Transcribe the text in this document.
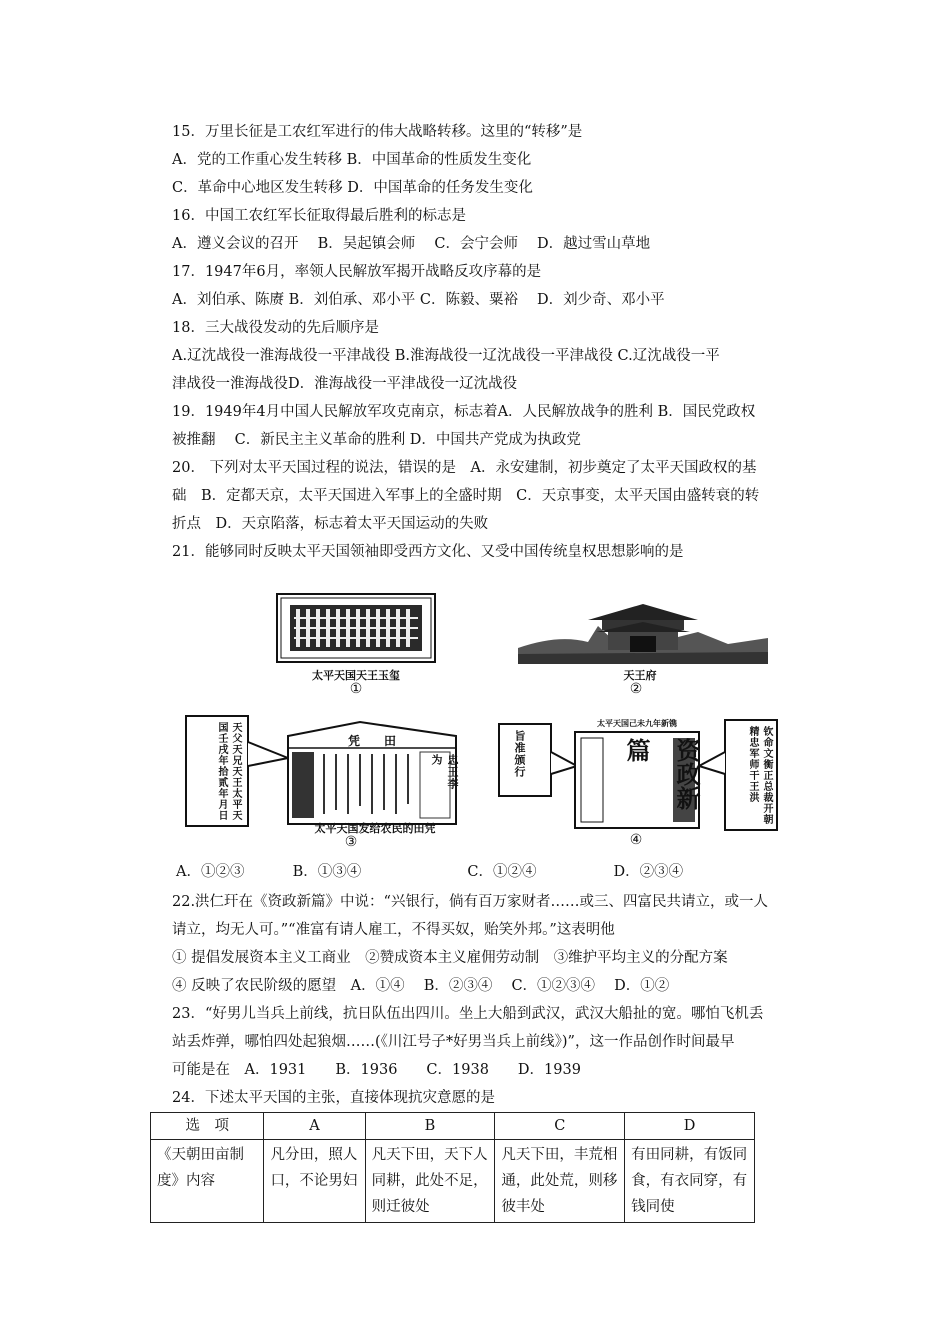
15．万里长征是工农红军进行的伟大战略转移。这里的“转移”是
A．党的工作重心发生转移 B．中国革命的性质发生变化
C．革命中心地区发生转移 D．中国革命的任务发生变化
16．中国工农红军长征取得最后胜利的标志是
A．遵义会议的召开　 B．吴起镇会师　 C．会宁会师　 D．越过雪山草地
17．1947年6月，率领人民解放军揭开战略反攻序幕的是
A．刘伯承、陈赓 B．刘伯承、邓小平 C．陈毅、粟裕　 D．刘少奇、邓小平
18．三大战役发动的先后顺序是
A.辽沈战役一淮海战役一平津战役 B.淮海战役一辽沈战役一平津战役 C.辽沈战役一平
津战役一淮海战役D．淮海战役一平津战役一辽沈战役
19．1949年4月中国人民解放军攻克南京，标志着A．人民解放战争的胜利 B．国民党政权
被推翻　 C．新民主主义革命的胜利 D．中国共产党成为执政党
20． 下列对太平天国过程的说法，错误的是　A．永安建制，初步奠定了太平天国政权的基
础　B．定都天京，太平天国进入军事上的全盛时期　C．天京事变，太平天国由盛转衰的转
折点　D．天京陷落，标志着太平天国运动的失败
21．能够同时反映太平天国领袖即受西方文化、又受中国传统皇权思想影响的是
太平天国天王玉玺
①
天王府
②
天父天兄天王太平天国壬戌年拾贰年月日	凭　　田
忠王李　　为
太平天国发给农民的田凭
③
旨准颁行
太平天国己未九年新镌
资政新篇	钦命文衡正总裁开朝精忠军师干王洪
④
A．①②③　　　 B．①③④　　　　　　　 C．①②④　　　　　 D．②③④
22.洪仁玕在《资政新篇》中说：“兴银行，倘有百万家财者……或三、四富民共请立，或一人
请立，均无人可。”“准富有请人雇工，不得买奴，贻笑外邦。”这表明他
① 提倡发展资本主义工商业　②赞成资本主义雇佣劳动制　③维护平均主义的分配方案
④ 反映了农民阶级的愿望　A．①④　 B．②③④　 C．①②③④　 D．①②
23．“好男儿当兵上前线，抗日队伍出四川。坐上大船到武汉，武汉大船扯的宽。哪怕飞机丢
站丢炸弹，哪怕四处起狼烟……(《川江号子*好男当兵上前线》)”，这一作品创作时间最早
可能是在　A．1931　　B．1936　　C．1938　　D．1939
24．下述太平天国的主张，直接体现抗灾意愿的是
选　项	A	B	C	D
《天朝田亩制度》内容	凡分田，照人口，不论男妇	凡天下田，天下人同耕，此处不足，则迁彼处	凡天下田，丰荒相通，此处荒，则移彼丰处	有田同耕，有饭同食，有衣同穿，有钱同使
